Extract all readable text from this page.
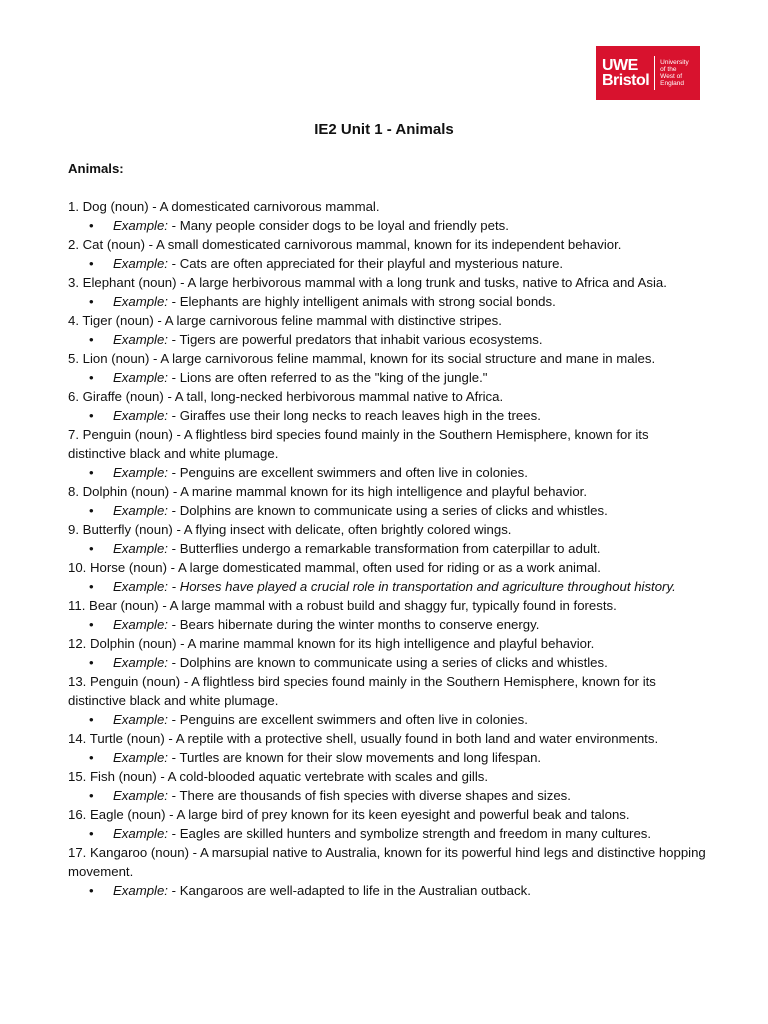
UWE
Bristol
University
of the
West of
England
IE2 Unit 1 - Animals
Animals:
1. Dog (noun) - A domesticated carnivorous mammal.
• Example: - Many people consider dogs to be loyal and friendly pets.
2. Cat (noun) - A small domesticated carnivorous mammal, known for its independent behavior.
• Example: - Cats are often appreciated for their playful and mysterious nature.
3. Elephant (noun) - A large herbivorous mammal with a long trunk and tusks, native to Africa and Asia.
• Example: - Elephants are highly intelligent animals with strong social bonds.
4. Tiger (noun) - A large carnivorous feline mammal with distinctive stripes.
• Example: - Tigers are powerful predators that inhabit various ecosystems.
5. Lion (noun) - A large carnivorous feline mammal, known for its social structure and mane in males.
• Example: - Lions are often referred to as the "king of the jungle."
6. Giraffe (noun) - A tall, long-necked herbivorous mammal native to Africa.
• Example: - Giraffes use their long necks to reach leaves high in the trees.
7. Penguin (noun) - A flightless bird species found mainly in the Southern Hemisphere, known for its distinctive black and white plumage.
• Example: - Penguins are excellent swimmers and often live in colonies.
8. Dolphin (noun) - A marine mammal known for its high intelligence and playful behavior.
• Example: - Dolphins are known to communicate using a series of clicks and whistles.
9. Butterfly (noun) - A flying insect with delicate, often brightly colored wings.
• Example: - Butterflies undergo a remarkable transformation from caterpillar to adult.
10. Horse (noun) - A large domesticated mammal, often used for riding or as a work animal.
• Example: - Horses have played a crucial role in transportation and agriculture throughout history.
11. Bear (noun) - A large mammal with a robust build and shaggy fur, typically found in forests.
• Example: - Bears hibernate during the winter months to conserve energy.
12. Dolphin (noun) - A marine mammal known for its high intelligence and playful behavior.
• Example: - Dolphins are known to communicate using a series of clicks and whistles.
13. Penguin (noun) - A flightless bird species found mainly in the Southern Hemisphere, known for its distinctive black and white plumage.
• Example: - Penguins are excellent swimmers and often live in colonies.
14. Turtle (noun) - A reptile with a protective shell, usually found in both land and water environments.
• Example: - Turtles are known for their slow movements and long lifespan.
15. Fish (noun) - A cold-blooded aquatic vertebrate with scales and gills.
• Example: - There are thousands of fish species with diverse shapes and sizes.
16. Eagle (noun) - A large bird of prey known for its keen eyesight and powerful beak and talons.
• Example: - Eagles are skilled hunters and symbolize strength and freedom in many cultures.
17. Kangaroo (noun) - A marsupial native to Australia, known for its powerful hind legs and distinctive hopping movement.
• Example: - Kangaroos are well-adapted to life in the Australian outback.
